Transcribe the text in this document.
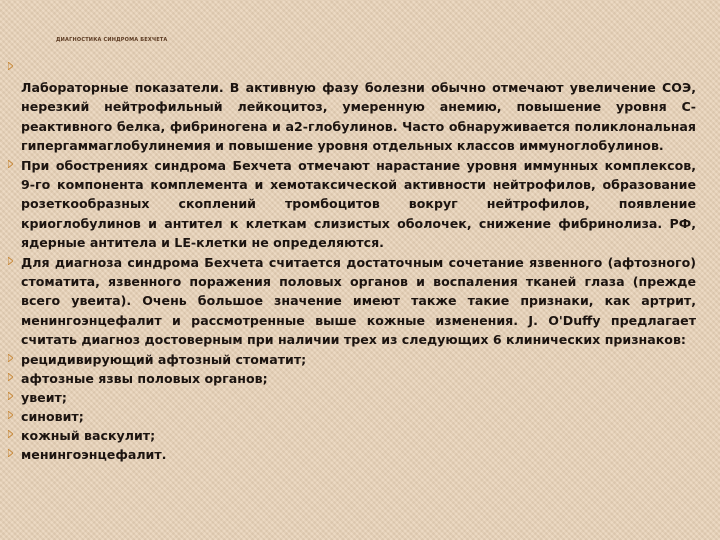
ДИАГНОСТИКА СИНДРОМА БЕХЧЕТА
Лабораторные показатели. В активную фазу болезни обычно отмечают увеличение СОЭ, нерезкий нейтрофильный лейкоцитоз, умеренную анемию, повышение уровня С-реактивного белка, фибриногена и а2-глобулинов. Часто обнаруживается поликлональная гипергаммаглобулинемия и повышение уровня отдельных классов иммуноглобулинов.
При обострениях синдрома Бехчета отмечают нарастание уровня иммунных комплексов, 9-го компонента комплемента и хемотаксической активности нейтрофилов, образование розеткообразных скоплений тромбоцитов вокруг нейтрофилов, появление криоглобулинов и антител к клеткам слизистых оболочек, снижение фибринолиза. РФ, ядерные антитела и LE-клетки не определяются.
Для диагноза синдрома Бехчета считается достаточным сочетание язвенного (афтозного) стоматита, язвенного поражения половых органов и воспаления тканей глаза (прежде всего увеита). Очень большое значение имеют также такие признаки, как артрит, менингоэнцефалит и рассмотренные выше кожные изменения. J. O'Duffy предлагает считать диагноз достоверным при наличии трех из следующих 6 клинических признаков:
рецидивирующий афтозный стоматит;
афтозные язвы половых органов;
увеит;
синовит;
кожный васкулит;
менингоэнцефалит.
